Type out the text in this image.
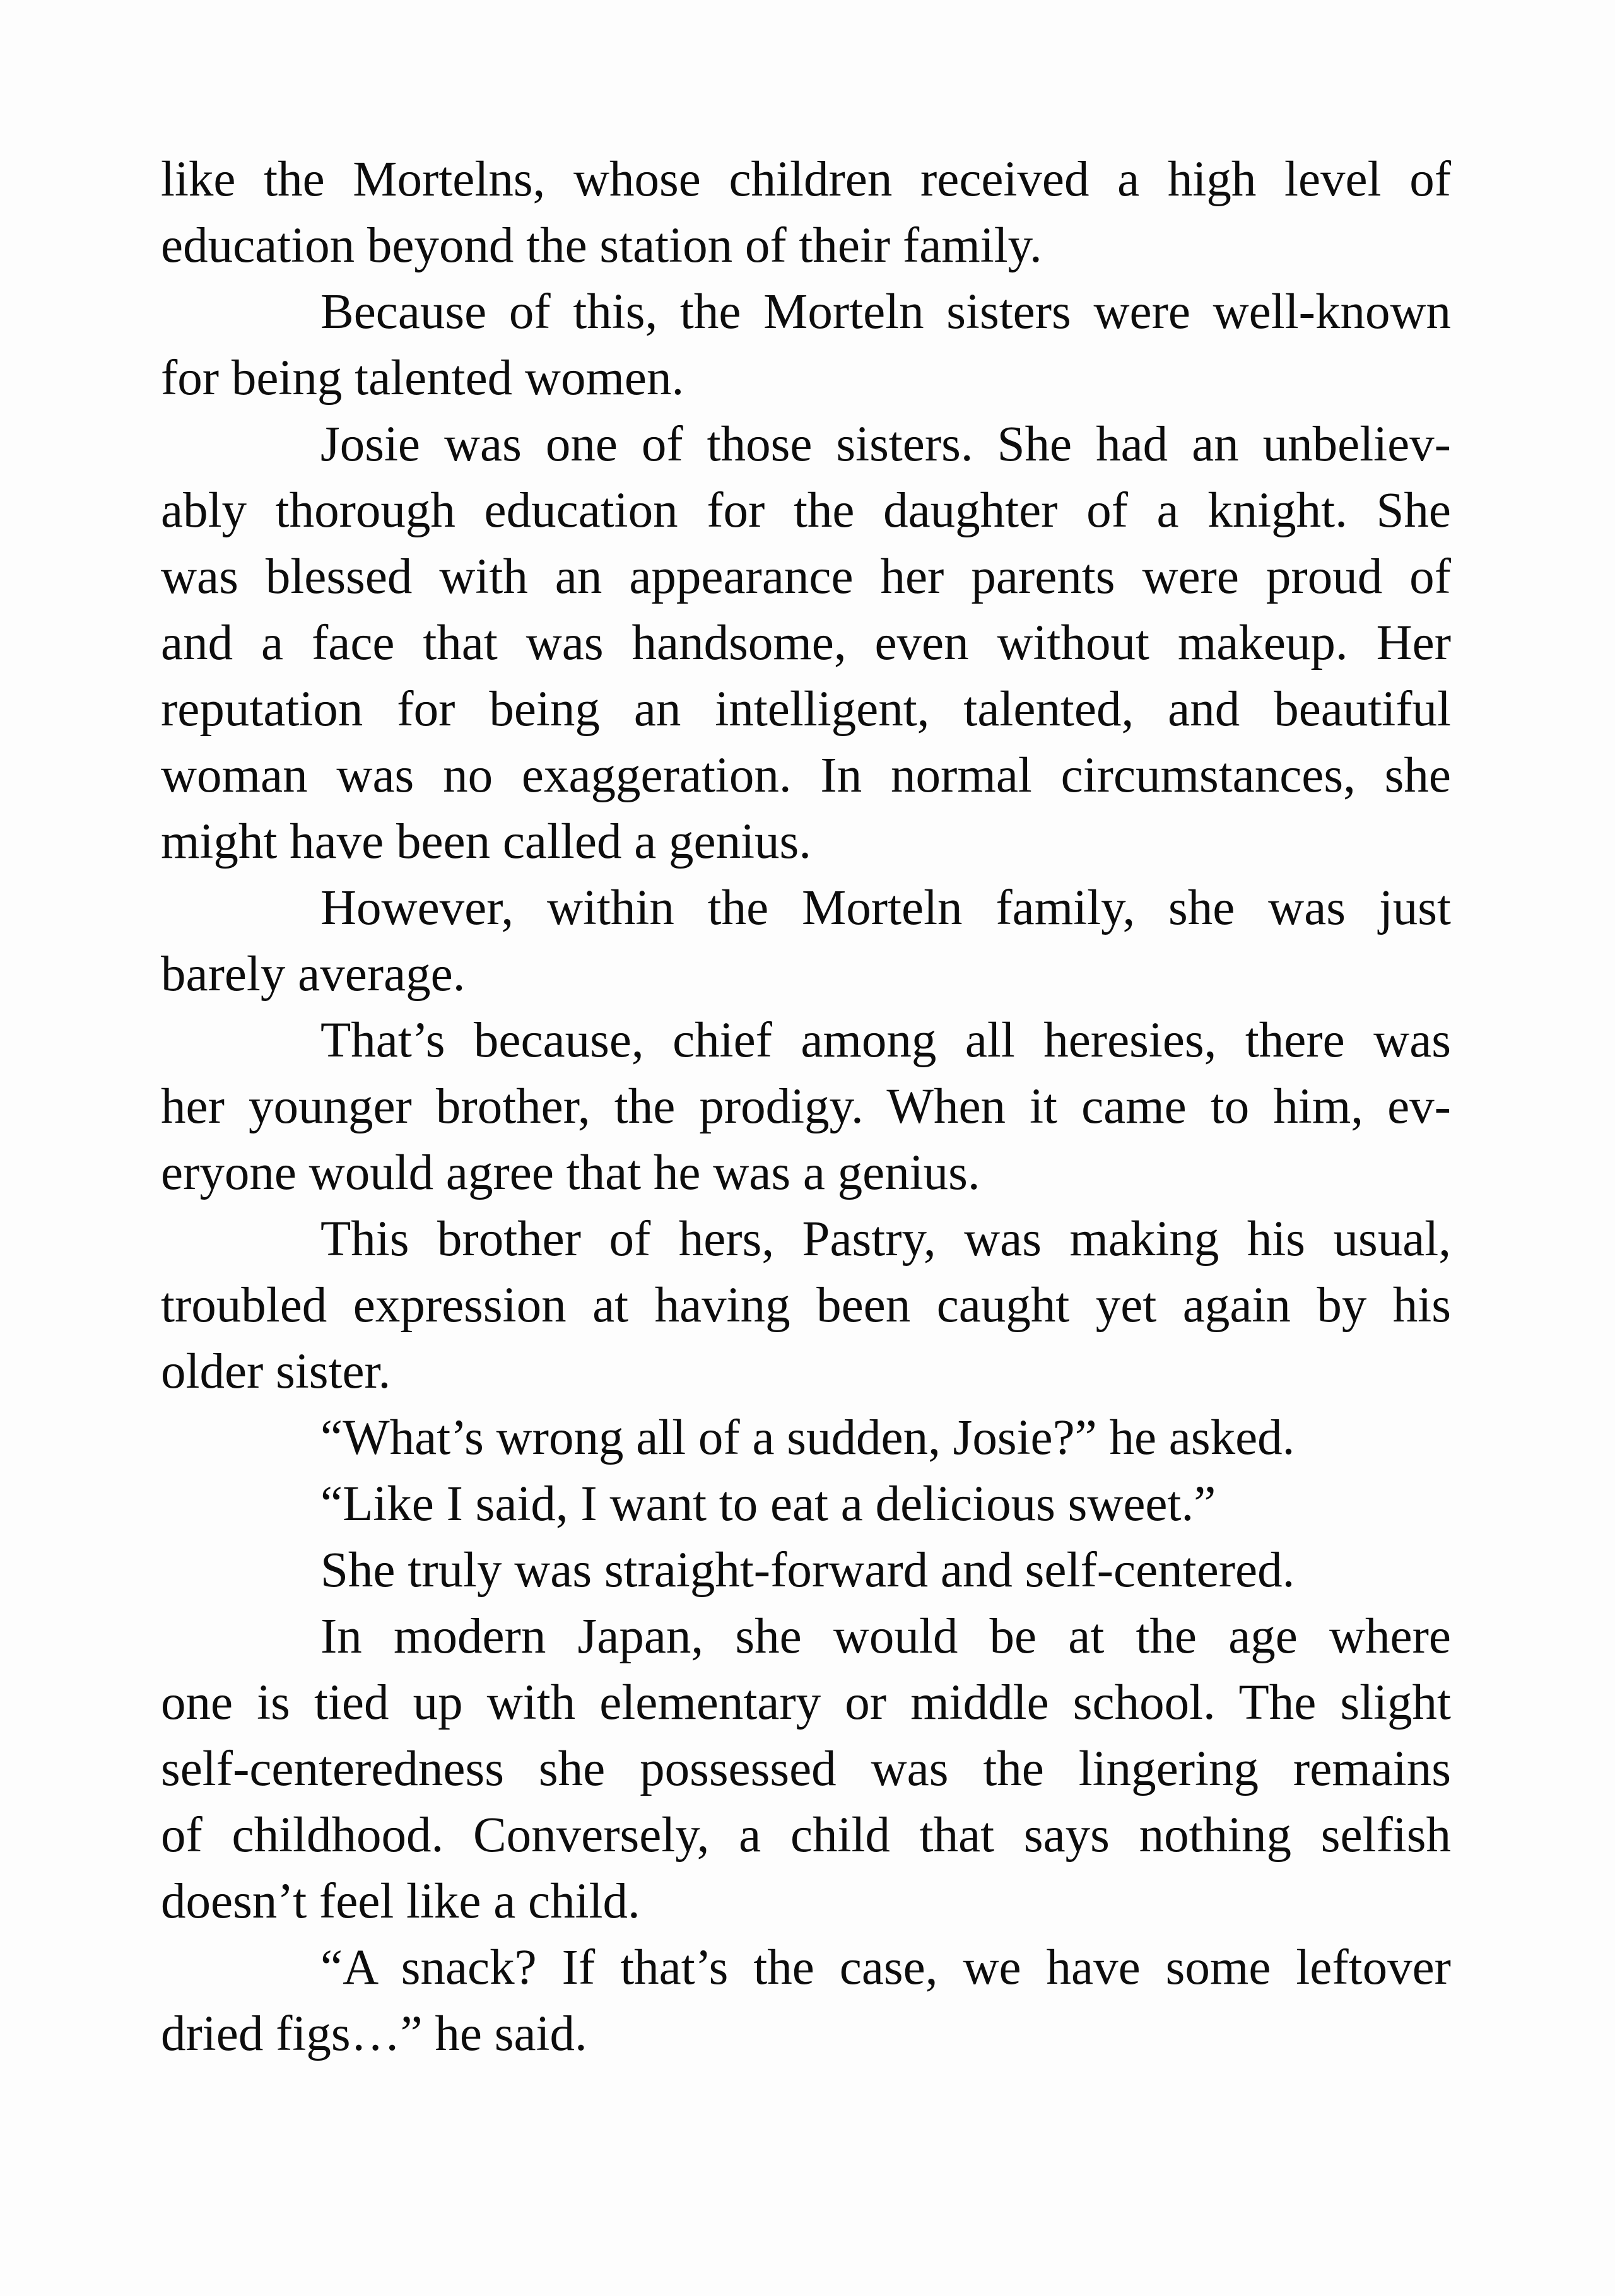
like the Mortelns, whose children received a high level of
education beyond the station of their family.
Because of this, the Morteln sisters were well-known
for being talented women.
Josie was one of those sisters. She had an unbeliev-
ably thorough education for the daughter of a knight. She
was blessed with an appearance her parents were proud of
and a face that was handsome, even without makeup. Her
reputation for being an intelligent, talented, and beautiful
woman was no exaggeration. In normal circumstances, she
might have been called a genius.
However, within the Morteln family, she was just
barely average.
That’s because, chief among all heresies, there was
her younger brother, the prodigy. When it came to him, ev-
eryone would agree that he was a genius.
This brother of hers, Pastry, was making his usual,
troubled expression at having been caught yet again by his
older sister.
“What’s wrong all of a sudden, Josie?” he asked.
“Like I said, I want to eat a delicious sweet.”
She truly was straight-forward and self-centered.
In modern Japan, she would be at the age where
one is tied up with elementary or middle school. The slight
self-centeredness she possessed was the lingering remains
of childhood. Conversely, a child that says nothing selfish
doesn’t feel like a child.
“A snack? If that’s the case, we have some leftover
dried figs…” he said.
